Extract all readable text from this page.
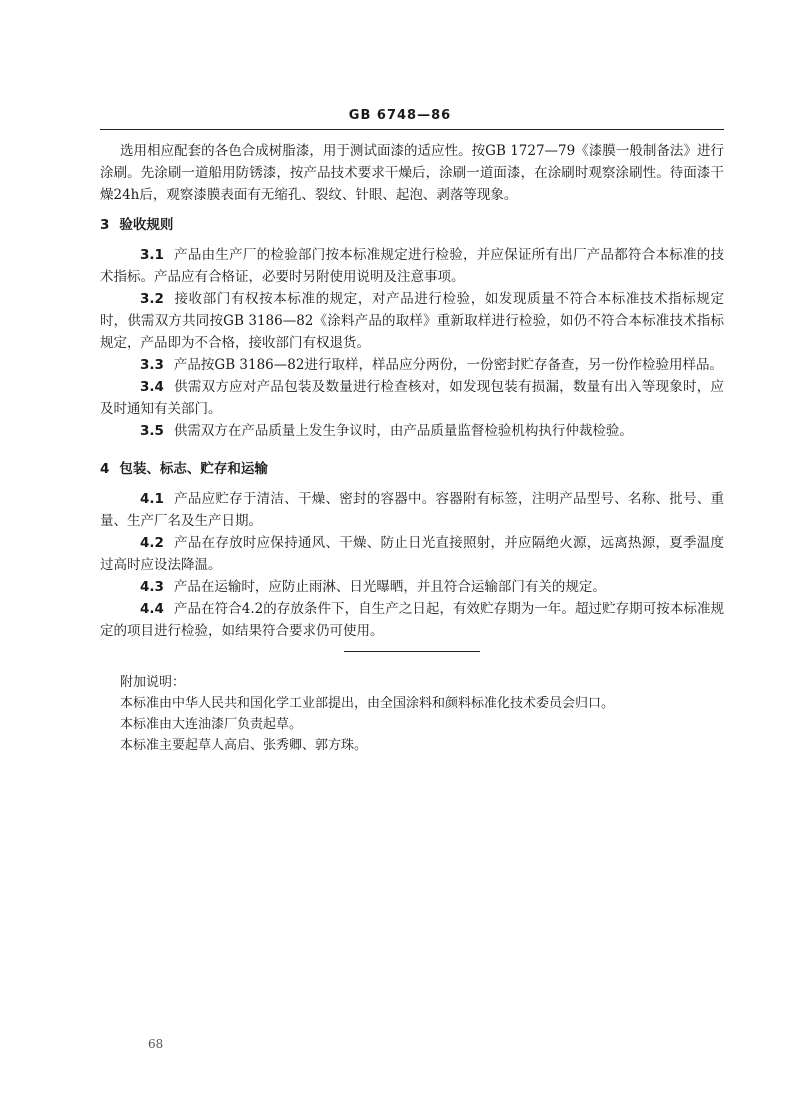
GB 6748—86

选用相应配套的各色合成树脂漆，用于测试面漆的适应性。按GB 1727—79《漆膜一般制备法》进行涂刷。先涂刷一道船用防锈漆，按产品技术要求干燥后，涂刷一道面漆，在涂刷时观察涂刷性。待面漆干燥24h后，观察漆膜表面有无缩孔、裂纹、针眼、起泡、剥落等现象。

3 验收规则

3.1 产品由生产厂的检验部门按本标准规定进行检验，并应保证所有出厂产品都符合本标准的技术指标。产品应有合格证，必要时另附使用说明及注意事项。

3.2 接收部门有权按本标准的规定，对产品进行检验，如发现质量不符合本标准技术指标规定时，供需双方共同按GB 3186—82《涂料产品的取样》重新取样进行检验，如仍不符合本标准技术指标规定，产品即为不合格，接收部门有权退货。

3.3 产品按GB 3186—82进行取样，样品应分两份，一份密封贮存备查，另一份作检验用样品。

3.4 供需双方应对产品包装及数量进行检查核对，如发现包装有损漏，数量有出入等现象时，应及时通知有关部门。

3.5 供需双方在产品质量上发生争议时，由产品质量监督检验机构执行仲裁检验。

4 包装、标志、贮存和运输

4.1 产品应贮存于清洁、干燥、密封的容器中。容器附有标签，注明产品型号、名称、批号、重量、生产厂名及生产日期。

4.2 产品在存放时应保持通风、干燥、防止日光直接照射，并应隔绝火源，远离热源，夏季温度过高时应设法降温。

4.3 产品在运输时，应防止雨淋、日光曝晒，并且符合运输部门有关的规定。

4.4 产品在符合4.2的存放条件下，自生产之日起，有效贮存期为一年。超过贮存期可按本标准规定的项目进行检验，如结果符合要求仍可使用。

附加说明：

本标准由中华人民共和国化学工业部提出，由全国涂料和颜料标准化技术委员会归口。

本标准由大连油漆厂负责起草。

本标准主要起草人高启、张秀卿、郭方珠。

68
